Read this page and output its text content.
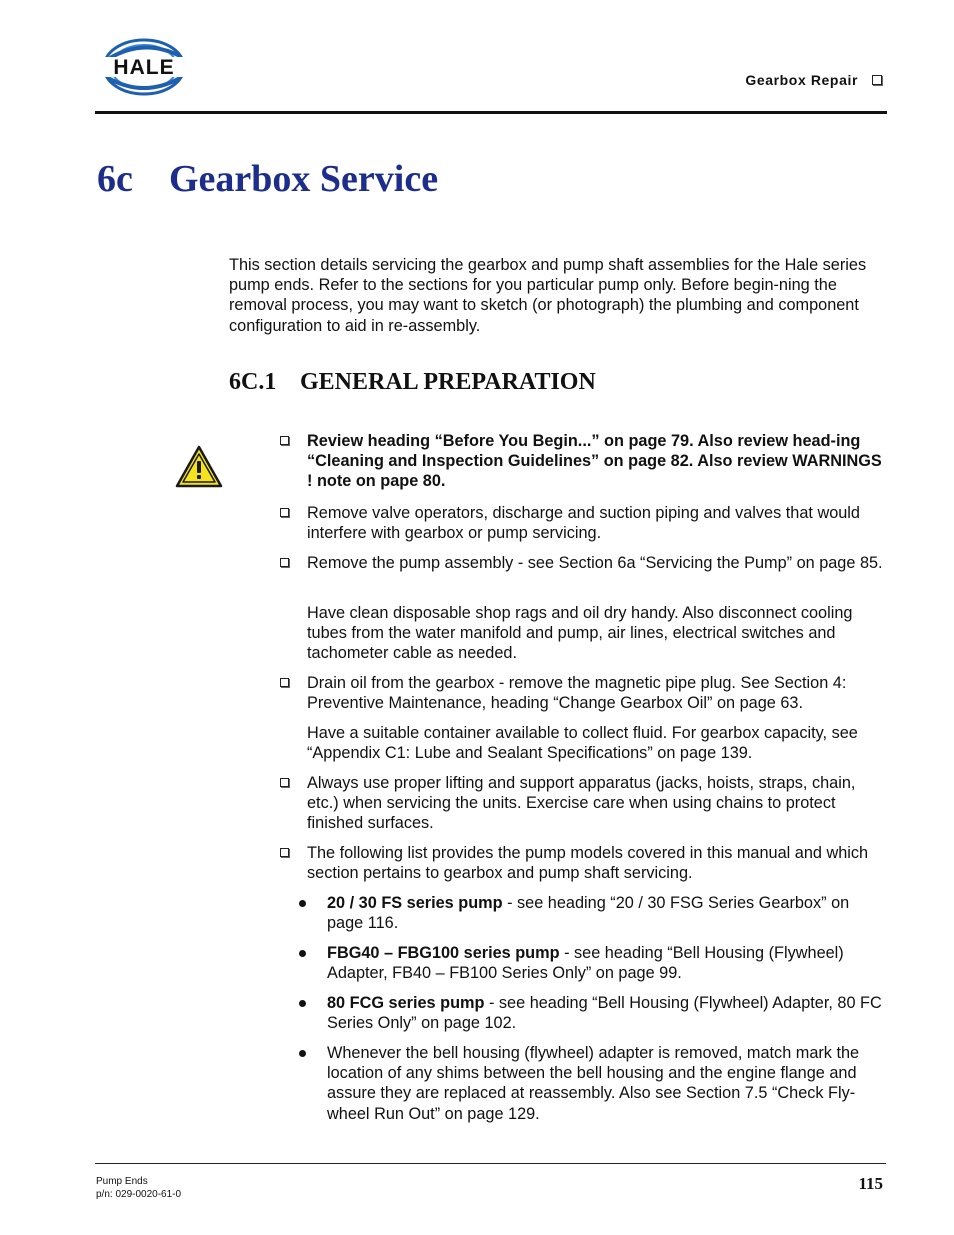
HALE
Gearbox Repair
6c Gearbox Service

This section details servicing the gearbox and pump shaft assemblies for the Hale series pump ends. Refer to the sections for you particular pump only. Before begin-ning the removal process, you may want to sketch (or photograph) the plumbing and component configuration to aid in re-assembly.

6C.1 GENERAL PREPARATION

Review heading “Before You Begin...” on page 79. Also review head-ing “Cleaning and Inspection Guidelines” on page 82. Also review WARNINGS ! note on pape 80.

Remove valve operators, discharge and suction piping and valves that would interfere with gearbox or pump servicing.

Remove the pump assembly - see Section 6a “Servicing the Pump” on page 85.

Have clean disposable shop rags and oil dry handy. Also disconnect cooling tubes from the water manifold and pump, air lines, electrical switches and tachometer cable as needed.

Drain oil from the gearbox - remove the magnetic pipe plug. See Section 4: Preventive Maintenance, heading “Change Gearbox Oil” on page 63.

Have a suitable container available to collect fluid. For gearbox capacity, see “Appendix C1: Lube and Sealant Specifications” on page 139.

Always use proper lifting and support apparatus (jacks, hoists, straps, chain, etc.) when servicing the units. Exercise care when using chains to protect finished surfaces.

The following list provides the pump models covered in this manual and which section pertains to gearbox and pump shaft servicing.

20 / 30 FS series pump - see heading “20 / 30 FSG Series Gearbox” on page 116.

FBG40 – FBG100 series pump - see heading “Bell Housing (Flywheel) Adapter, FB40 – FB100 Series Only” on page 99.

80 FCG series pump - see heading “Bell Housing (Flywheel) Adapter, 80 FC Series Only” on page 102.

Whenever the bell housing (flywheel) adapter is removed, match mark the location of any shims between the bell housing and the engine flange and assure they are replaced at reassembly. Also see Section 7.5 “Check Fly-wheel Run Out” on page 129.

Pump Ends
p/n: 029-0020-61-0
115
